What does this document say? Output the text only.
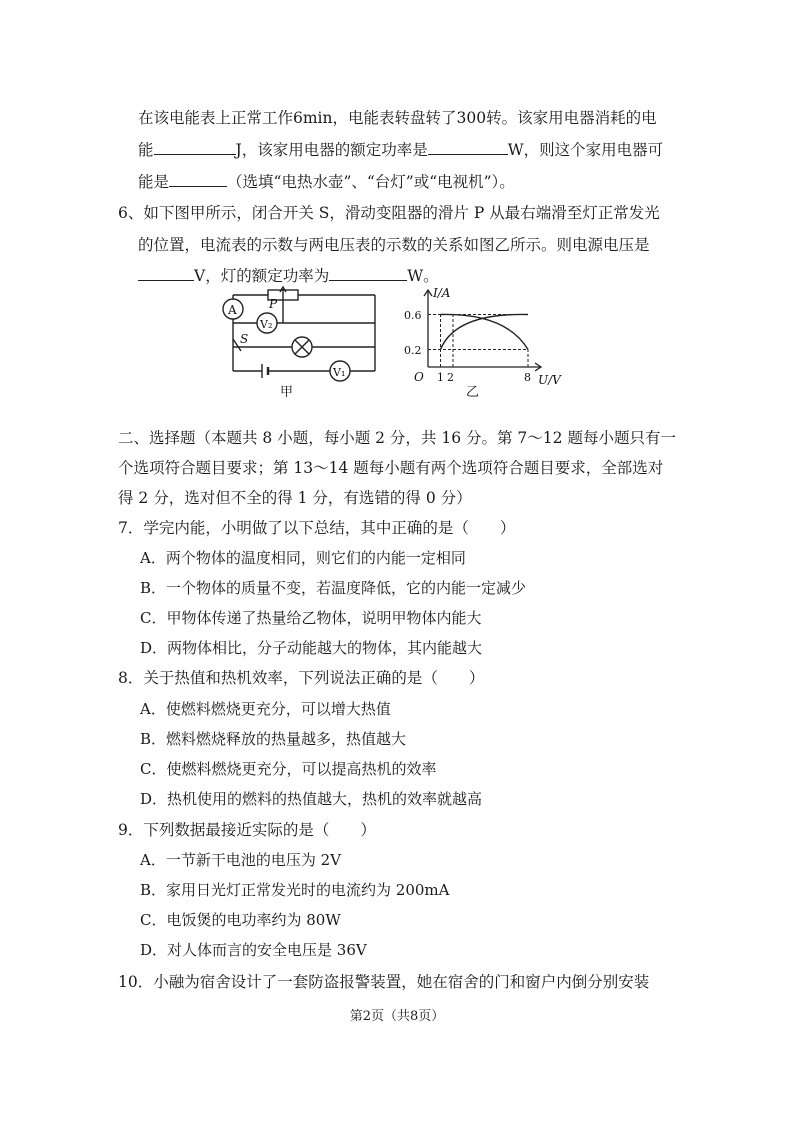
在该电能表上正常工作6min，电能表转盘转了300转。该家用电器消耗的电
能	J，该家用电器的额定功率是	W，则这个家用电器可
能是	（选填“电热水壶”、“台灯”或“电视机”）。
6、如下图甲所示，闭合开关 S，滑动变阻器的滑片 P 从最右端滑至灯正常发光
的位置，电流表的示数与两电压表的示数的关系如图乙所示。则电源电压是
V，灯的额定功率为	W。
A
V₂
V₁
P
S
甲
I/A
U/V
O
0.6
0.2
1 2	8
乙
二、选择题（本题共 8 小题，每小题 2 分，共 16 分。第 7～12 题每小题只有一
个选项符合题目要求；第 13～14 题每小题有两个选项符合题目要求，全部选对
得 2 分，选对但不全的得 1 分，有选错的得 0 分）
7．学完内能，小明做了以下总结，其中正确的是（　　）
A．两个物体的温度相同，则它们的内能一定相同
B．一个物体的质量不变，若温度降低，它的内能一定减少
C．甲物体传递了热量给乙物体，说明甲物体内能大
D．两物体相比，分子动能越大的物体，其内能越大
8．关于热值和热机效率，下列说法正确的是（　　）
A．使燃料燃烧更充分，可以增大热值
B．燃料燃烧释放的热量越多，热值越大
C．使燃料燃烧更充分，可以提高热机的效率
D．热机使用的燃料的热值越大，热机的效率就越高
9．下列数据最接近实际的是（　　）
A．一节新干电池的电压为 2V
B．家用日光灯正常发光时的电流约为 200mA
C．电饭煲的电功率约为 80W
D．对人体而言的安全电压是 36V
10．小融为宿舍设计了一套防盗报警装置，她在宿舍的门和窗户内倒分别安装
第2页（共8页）
